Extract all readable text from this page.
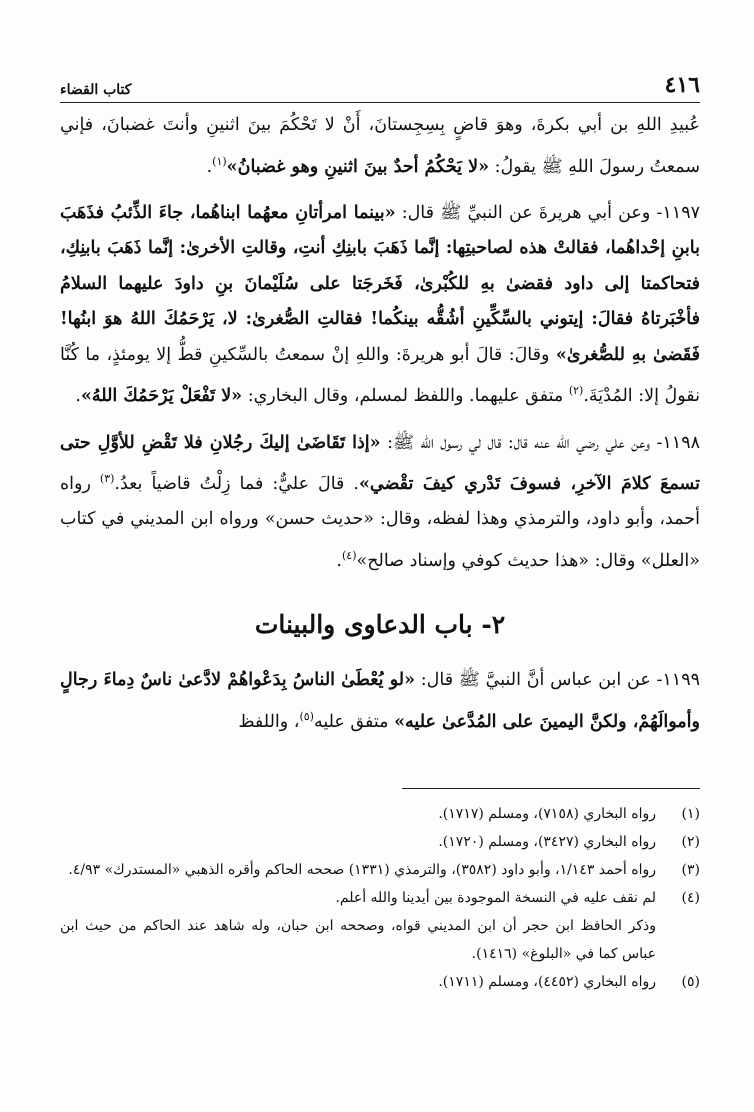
٤١٦
كتاب القضاء

عُبيدِ اللهِ بن أبي بكرةَ، وهوَ قاضٍ بِسِجِستانَ، أَنْ لا تَحْكُمَ بينَ اثنينِ وأنتَ غضبانَ، فإني سمعتُ رسولَ اللهِ ﷺ يقولُ: «لا يَحْكُمُ أحدٌ بينَ اثنينِ وهو غضبانُ»$^{(١)}$.

١١٩٧- وعن أبي هريرةَ عن النبيِّ ﷺ قال: «بينما امرأتانِ معهُما ابناهُما، جاءَ الذِّئبُ فذَهَبَ بابنِ إحْداهُما، فقالتْ هذه لصاحبتِها: إنَّما ذَهَبَ بابنِكِ أنتِ، وقالتِ الأخرىٰ: إنَّما ذَهَبَ بابنِكِ، فتحاكمتا إلى داود فقضىٰ بهِ للكُبْرىٰ، فَخَرجَتا على سُلَيْمانَ بنِ داودَ عليهما السلامُ فأخْبَرتاهُ فقالَ: إيتوني بالسِّكِّينِ أشُقُّه بينكُما! فقالتِ الصُّغرىٰ: لا، يَرْحَمُكَ اللهُ هوَ ابنُها! فَقَضىٰ بهِ للصُّغرىٰ» وقالَ: قالَ أبو هريرةَ: واللهِ إنْ سمعتُ بالسِّكينِ قطُّ إلا يومئذٍ، ما كُنَّا نقولُ إلا: المُدْيَةَ.$^{(٢)}$ متفق عليهما. واللفظ لمسلم، وقال البخاري: «لا تَفْعَلْ يَرْحَمُكَ اللهُ».

١١٩٨- وعن علي رضي الله عنه قال: قال لي رسول الله ﷺ: «إذا تَقَاضَىٰ إليكَ رجُلانِ فلا تَقْضِ للأوَّلِ حتى تسمعَ كلامَ الآخرِ، فسوفَ تَدْري كيفَ تقْضي». قالَ عليٌّ: فما زِلْتُ قاضياً بعدُ.$^{(٣)}$ رواه أحمد، وأبو داود، والترمذي وهذا لفظه، وقال: «حديث حسن» ورواه ابن المديني في كتاب «العلل» وقال: «هذا حديث كوفي وإسناد صالح»$^{(٤)}$.

٢- باب الدعاوى والبينات

١١٩٩- عن ابن عباس أنَّ النبيَّ ﷺ قال: «لو يُعْطَىٰ الناسُ بِدَعْواهُمْ لادَّعىٰ ناسٌ دِماءَ رجالٍ وأموالَهُمْ، ولكنَّ اليمينَ على المُدَّعىٰ عليه» متفق عليه$^{(٥)}$، واللفظ

(١)
رواه البخاري (٧١٥٨)، ومسلم (١٧١٧).
(٢)
رواه البخاري (٣٤٢٧)، ومسلم (١٧٢٠).
(٣)
رواه أحمد ١/١٤٣، وأبو داود (٣٥٨٢)، والترمذي (١٣٣١) صححه الحاكم وأقره الذهبي «المستدرك» ٤/٩٣.
(٤)
لم نقف عليه في النسخة الموجودة بين أيدينا والله أعلم.
وذكر الحافظ ابن حجر أن ابن المديني قواه، وصححه ابن حبان، وله شاهد عند الحاكم من حيث ابن عباس كما في «البلوغ» (١٤١٦).
(٥)
رواه البخاري (٤٤٥٢)، ومسلم (١٧١١).
